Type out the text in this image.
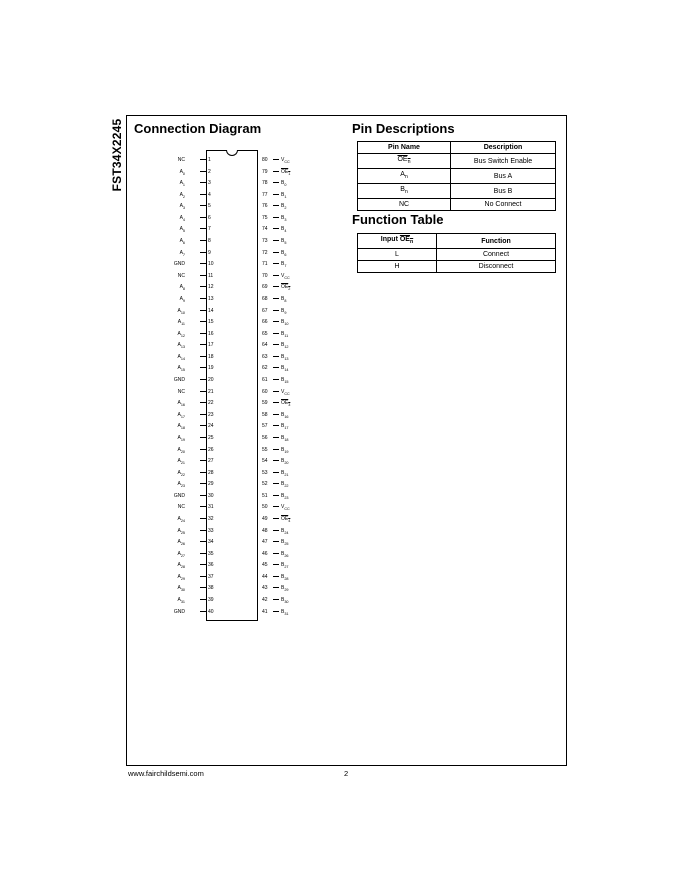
FST34X2245 Connection Diagram	Pin Descriptions
Function Table
NC	1
$A_0$	2
$A_1$	3
$A_2$	4
$A_3$	5
$A_4$	6
$A_5$	7
$A_6$	8
$A_7$	9
GND	10
NC	11
$A_8$	12
$A_9$	13
$A_{10}$	14
$A_{11}$	15
$A_{12}$	16
$A_{13}$	17
$A_{14}$	18
$A_{15}$	19
GND	20
NC	21
$A_{16}$	22
$A_{17}$	23
$A_{18}$	24
$A_{19}$	25
$A_{20}$	26
$A_{21}$	27
$A_{22}$	28
$A_{23}$	29
GND	30
NC	31
$A_{24}$	32
$A_{25}$	33
$A_{26}$	34
$A_{27}$	35
$A_{28}$	36
$A_{29}$	37
$A_{30}$	38
$A_{31}$	39
GND	40
80	$V_{CC}$
79	$OE_1$
78	$B_0$
77	$B_1$
76	$B_2$
75	$B_3$
74	$B_4$
73	$B_5$
72	$B_6$
71	$B_7$
70	$V_{CC}$
69	$OE_2$
68	$B_8$
67	$B_9$
66	$B_{10}$
65	$B_{11}$
64	$B_{12}$
63	$B_{13}$
62	$B_{14}$
61	$B_{15}$
60	$V_{CC}$
59	$OE_3$
58	$B_{16}$
57	$B_{17}$
56	$B_{18}$
55	$B_{19}$
54	$B_{20}$
53	$B_{21}$
52	$B_{22}$
51	$B_{23}$
50	$V_{CC}$
49	$OE_4$
48	$B_{24}$
47	$B_{25}$
46	$B_{26}$
45	$B_{27}$
44	$B_{28}$
43	$B_{29}$
42	$B_{30}$
41	$B_{31}$
Pin Name	Description
$OE_n$	Bus Switch Enable
$A_n$	Bus A
$B_n$	Bus B
NC	No Connect
Input $OE_n$	Function
L	Connect
H	Disconnect
www.fairchildsemi.com	2
